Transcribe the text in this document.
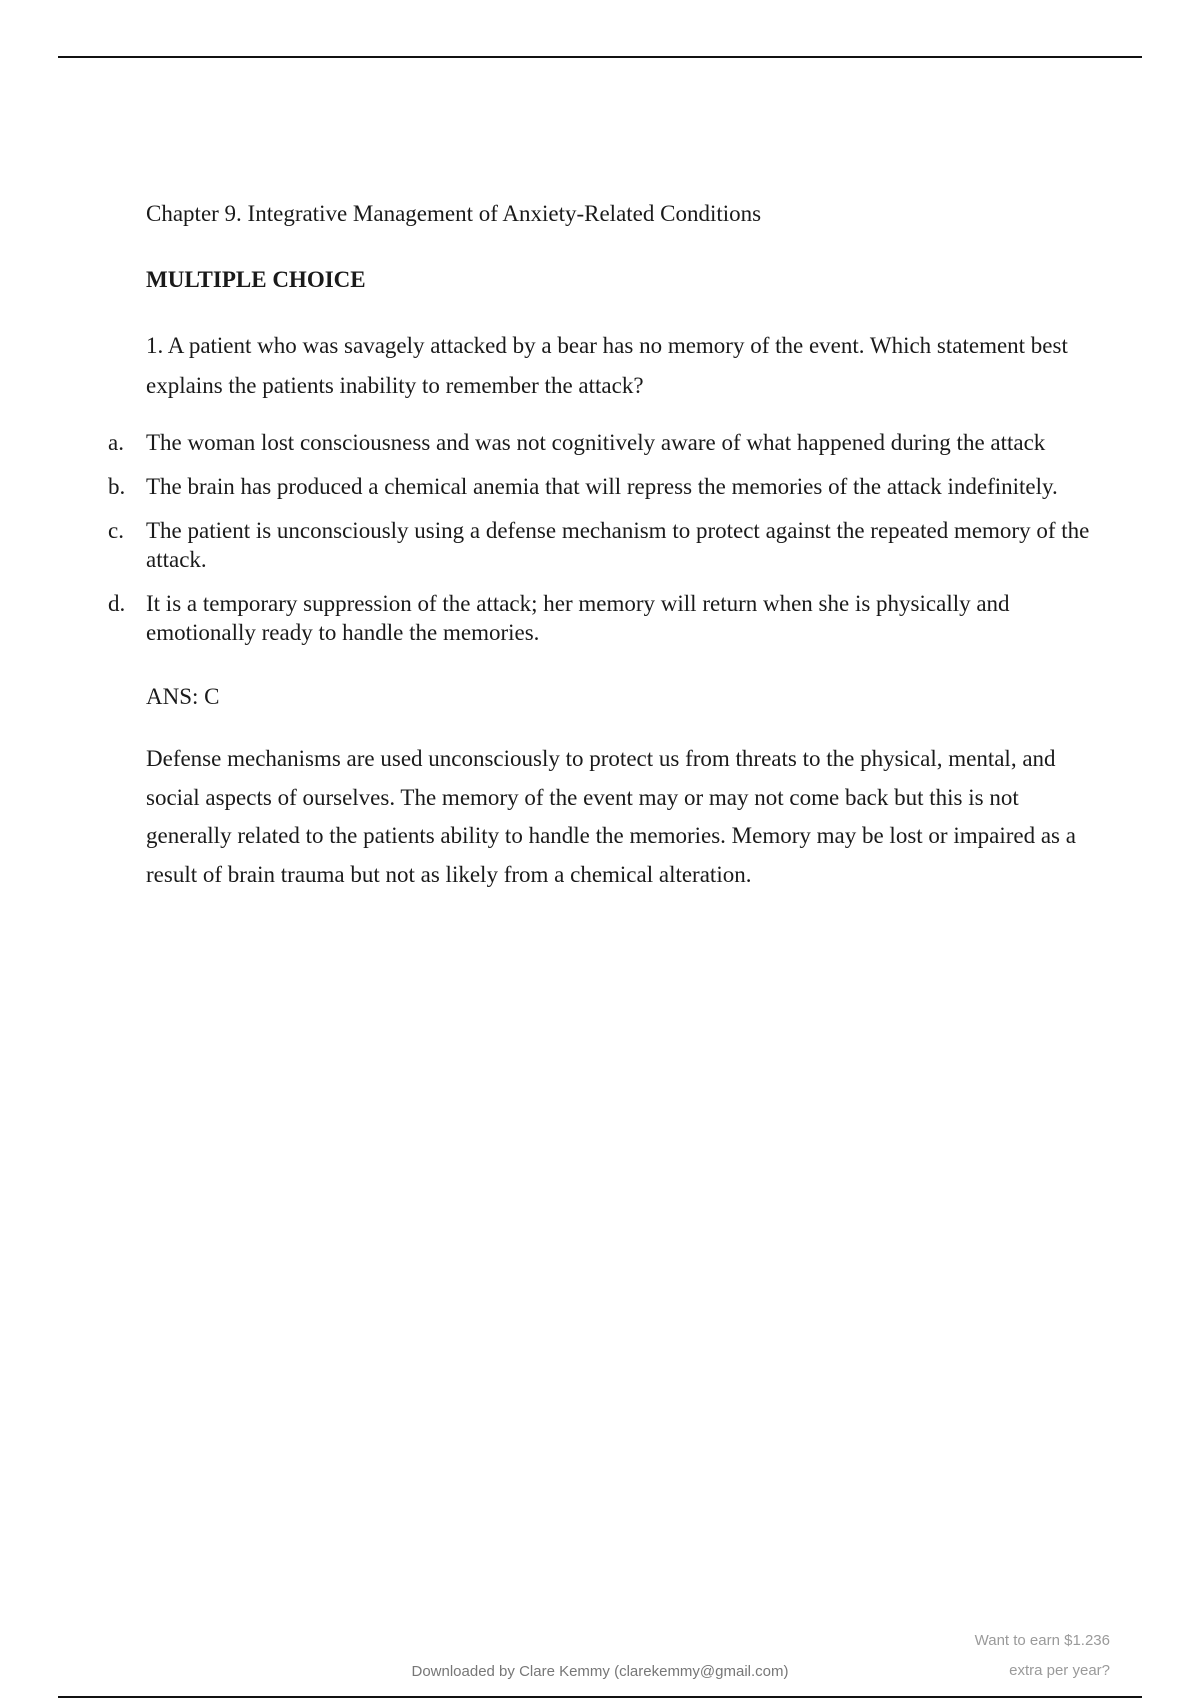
Chapter 9. Integrative Management of Anxiety-Related Conditions

MULTIPLE CHOICE

1. A patient who was savagely attacked by a bear has no memory of the event. Which statement best explains the patients inability to remember the attack?

a. The woman lost consciousness and was not cognitively aware of what happened during the attack
b. The brain has produced a chemical anemia that will repress the memories of the attack indefinitely.
c. The patient is unconsciously using a defense mechanism to protect against the repeated memory of the attack.
d. It is a temporary suppression of the attack; her memory will return when she is physically and emotionally ready to handle the memories.

ANS: C

Defense mechanisms are used unconsciously to protect us from threats to the physical, mental, and social aspects of ourselves. The memory of the event may or may not come back but this is not generally related to the patients ability to handle the memories. Memory may be lost or impaired as a result of brain trauma but not as likely from a chemical alteration.

Want to earn $1.236
extra per year?
Downloaded by Clare Kemmy (clarekemmy@gmail.com)
